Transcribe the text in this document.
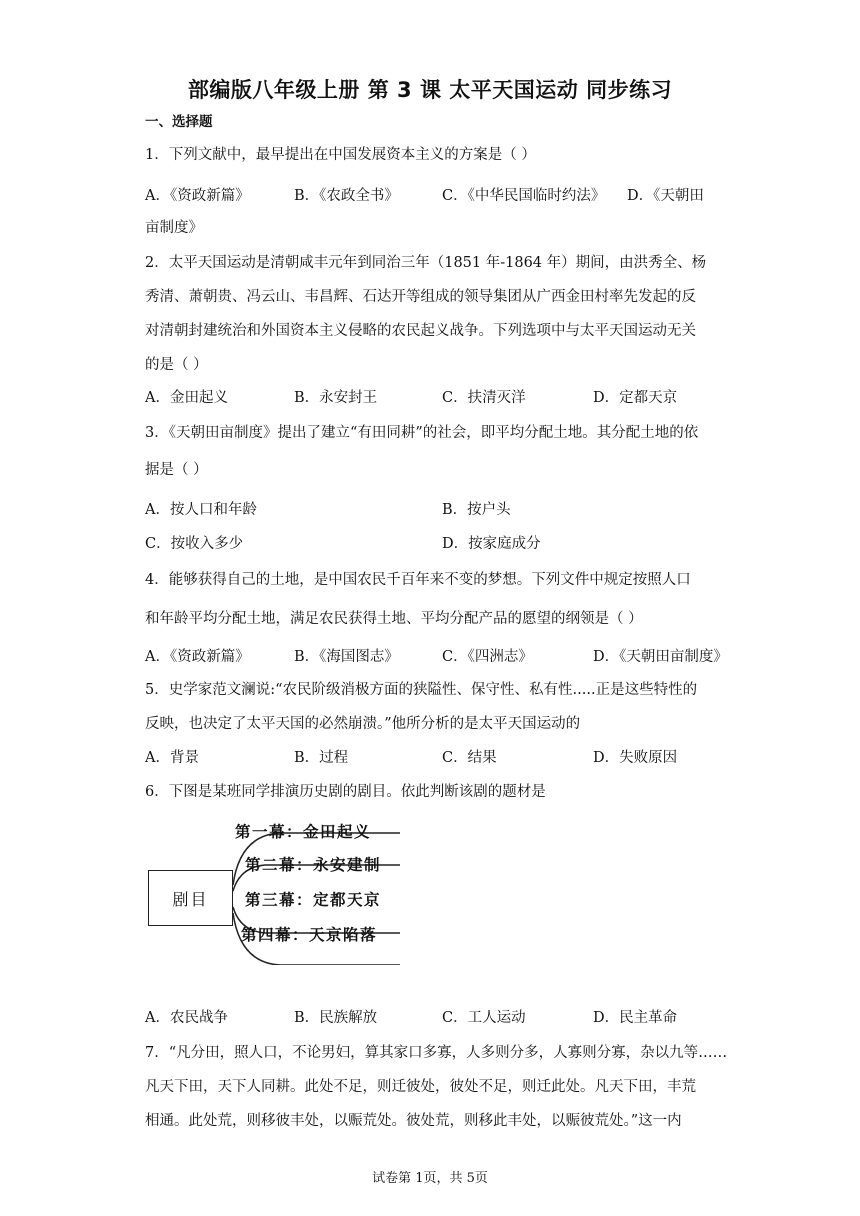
部编版八年级上册 第 3 课 太平天国运动 同步练习
一、选择题
1．下列文献中，最早提出在中国发展资本主义的方案是（ ）
A．《资政新篇》	B．《农政全书》	C．《中华民国临时约法》 D．《天朝田
亩制度》
2．太平天国运动是清朝咸丰元年到同治三年（1851 年-1864 年）期间，由洪秀全、杨
秀清、萧朝贵、冯云山、韦昌辉、石达开等组成的领导集团从广西金田村率先发起的反
对清朝封建统治和外国资本主义侵略的农民起义战争。下列选项中与太平天国运动无关
的是（ ）
A．金田起义	B．永安封王	C．扶清灭洋	D．定都天京
3．《天朝田亩制度》提出了建立“有田同耕”的社会，即平均分配土地。其分配土地的依
据是（ ）
A．按人口和年龄	B．按户头
C．按收入多少	D．按家庭成分
4．能够获得自己的土地，是中国农民千百年来不变的梦想。下列文件中规定按照人口
和年龄平均分配土地，满足农民获得土地、平均分配产品的愿望的纲领是（ ）
A．《资政新篇》	B．《海国图志》	C．《四洲志》	D．《天朝田亩制度》
5．史学家范文澜说:“农民阶级消极方面的狭隘性、保守性、私有性.....正是这些特性的
反映，也决定了太平天国的必然崩溃。”他所分析的是太平天国运动的
A．背景	B．过程	C．结果	D．失败原因
6．下图是某班同学排演历史剧的剧目。依此判断该剧的题材是
剧目
第一幕：金田起义
第二幕：永安建制
第三幕：定都天京
第四幕：天京陷落
A．农民战争	B．民族解放	C．工人运动	D．民主革命
7．“凡分田，照人口，不论男妇，算其家口多寡，人多则分多，人寡则分寡，杂以九等……
凡天下田，天下人同耕。此处不足，则迁彼处，彼处不足，则迁此处。凡天下田，丰荒
相通。此处荒，则移彼丰处，以赈荒处。彼处荒，则移此丰处，以赈彼荒处。”这一内
试卷第 1页，共 5页
